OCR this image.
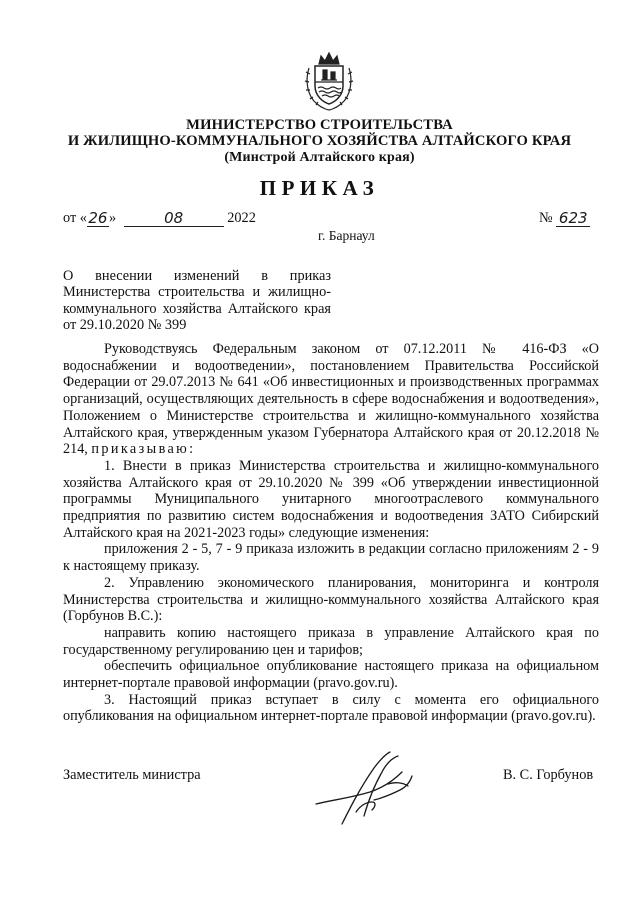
МИНИСТЕРСТВО СТРОИТЕЛЬСТВА
И ЖИЛИЩНО-КОММУНАЛЬНОГО ХОЗЯЙСТВА АЛТАЙСКОГО КРАЯ
(Минстрой Алтайского края)
ПРИКАЗ
от «26»	08	2022	№ 623
г. Барнаул
О внесении изменений в приказ Министерства строительства и жилищно-коммунального хозяйства Алтайского края от 29.10.2020 № 399

Руководствуясь Федеральным законом от 07.12.2011 № 416-ФЗ «О водоснабжении и водоотведении», постановлением Правительства Российской Федерации от 29.07.2013 № 641 «Об инвестиционных и производственных программах организаций, осуществляющих деятельность в сфере водоснабжения и водоотведения», Положением о Министерстве строительства и жилищно-коммунального хозяйства Алтайского края, утвержденным указом Губернатора Алтайского края от 20.12.2018 № 214, приказываю:

1. Внести в приказ Министерства строительства и жилищно-коммунального хозяйства Алтайского края от 29.10.2020 № 399 «Об утверждении инвестиционной программы Муниципального унитарного многоотраслевого коммунального предприятия по развитию систем водоснабжения и водоотведения ЗАТО Сибирский Алтайского края на 2021-2023 годы» следующие изменения:

приложения 2 - 5, 7 - 9 приказа изложить в редакции согласно приложениям 2 - 9 к настоящему приказу.

2. Управлению экономического планирования, мониторинга и контроля Министерства строительства и жилищно-коммунального хозяйства Алтайского края (Горбунов В.С.):

направить копию настоящего приказа в управление Алтайского края по государственному регулированию цен и тарифов;

обеспечить официальное опубликование настоящего приказа на официальном интернет-портале правовой информации (pravo.gov.ru).

3. Настоящий приказ вступает в силу с момента его официального опубликования на официальном интернет-портале правовой информации (pravo.gov.ru).

Заместитель министра	В. С. Горбунов
